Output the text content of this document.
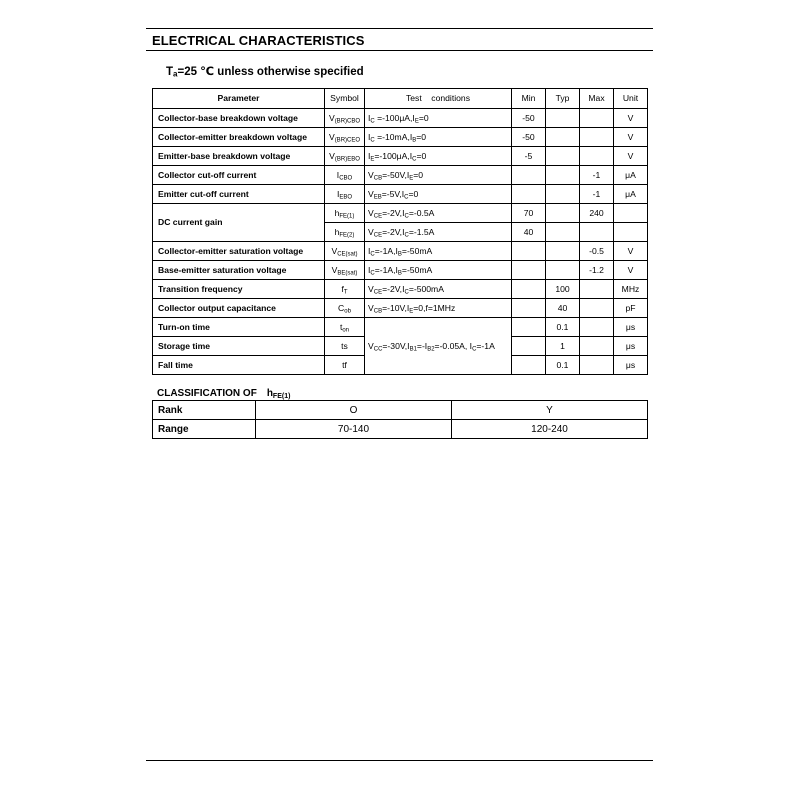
ELECTRICAL CHARACTERISTICS
$T_a=25$ ℃ unless otherwise specified
Parameter	Symbol	Test    conditions	Min	Typ	Max	Unit
Collector-base breakdown voltage	$V_{(BR)CBO}$	$I_C =-100\mu A,I_E=0$	-50			V
Collector-emitter breakdown voltage	$V_{(BR)CEO}$	$I_C =-10mA,I_B=0$	-50			V
Emitter-base breakdown voltage	$V_{(BR)EBO}$	$I_E=-100\mu A,I_C=0$	-5			V
Collector cut-off current	$I_{CBO}$	$V_{CB}=-50V,I_E=0$			-1	μA
Emitter cut-off current	$I_{EBO}$	$V_{EB}=-5V,I_C=0$			-1	μA
DC current gain	$h_{FE(1)}$	$V_{CE}=-2V,I_C=-0.5A$	70		240	
	$h_{FE(2)}$	$V_{CE}=-2V,I_C=-1.5A$	40			
Collector-emitter saturation voltage	$V_{CE(sat)}$	$I_C=-1A,I_B=-50mA$			-0.5	V
Base-emitter saturation voltage	$V_{BE(sat)}$	$I_C=-1A,I_B=-50mA$			-1.2	V
Transition frequency	$f_T$	$V_{CE}=-2V,I_C=-500mA$		100		MHz
Collector output capacitance	$C_{ob}$	$V_{CB}=-10V,I_E=0,f=1MHz$		40		pF
Turn-on time	$t_{on}$	$V_{CC}=-30V,I_{B1}=-I_{B2}=-0.05A$, $I_C=-1A$		0.1		μs
Storage time	ts			1		μs
Fall time	tf			0.1		μs
CLASSIFICATION OF $h_{FE(1)}$
Rank	O	Y
Range	70-140	120-240
